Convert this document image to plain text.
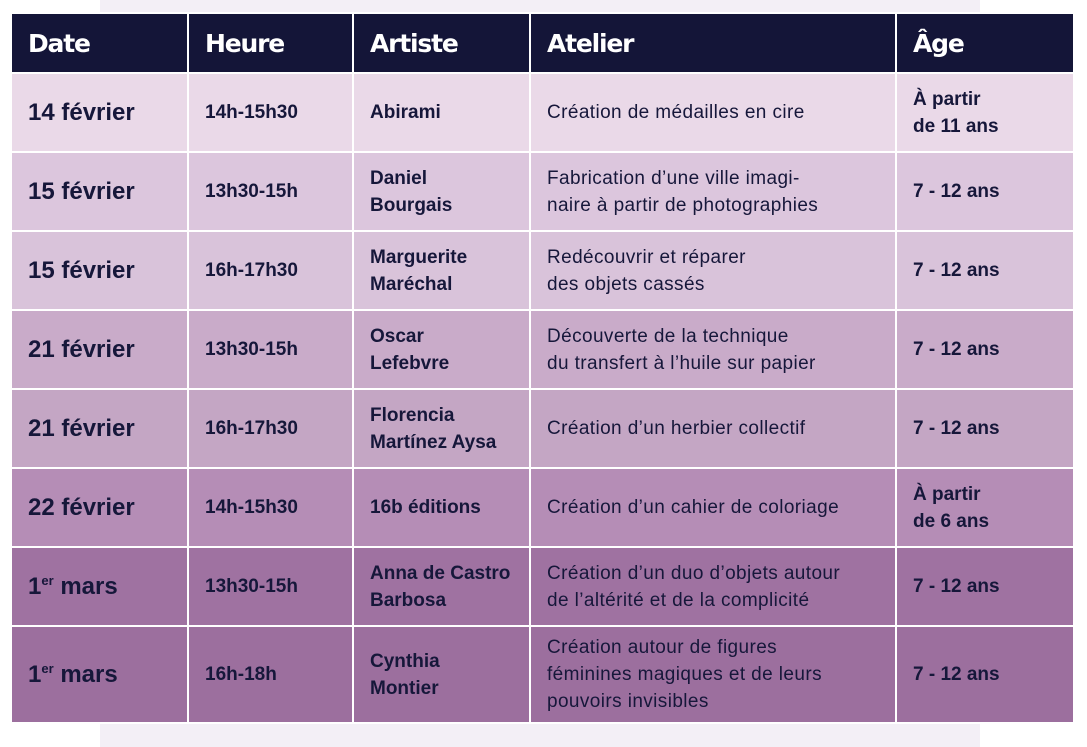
Date	Heure	Artiste	Atelier	Âge
14 février	14h-15h30	Abirami	Création de médailles en cire	À partir
de 11 ans

15 février	13h30-15h	Daniel
Bourgais	Fabrication d’une ville imagi-
naire à partir de photographies	7 - 12 ans

15 février	16h-17h30	Marguerite
Maréchal	Redécouvrir et réparer
des objets cassés	7 - 12 ans

21 février	13h30-15h	Oscar
Lefebvre	Découverte de la technique
du transfert à l’huile sur papier	7 - 12 ans

21 février	16h-17h30	Florencia
Martínez Aysa	Création d’un herbier collectif	7 - 12 ans

22 février	14h-15h30	16b éditions	Création d’un cahier de coloriage	À partir
de 6 ans

1er mars	13h30-15h	Anna de Castro
Barbosa	Création d’un duo d’objets autour
de l’altérité et de la complicité	7 - 12 ans

1er mars	16h-18h	Cynthia
Montier	Création autour de figures
féminines magiques et de leurs
pouvoirs invisibles	7 - 12 ans
